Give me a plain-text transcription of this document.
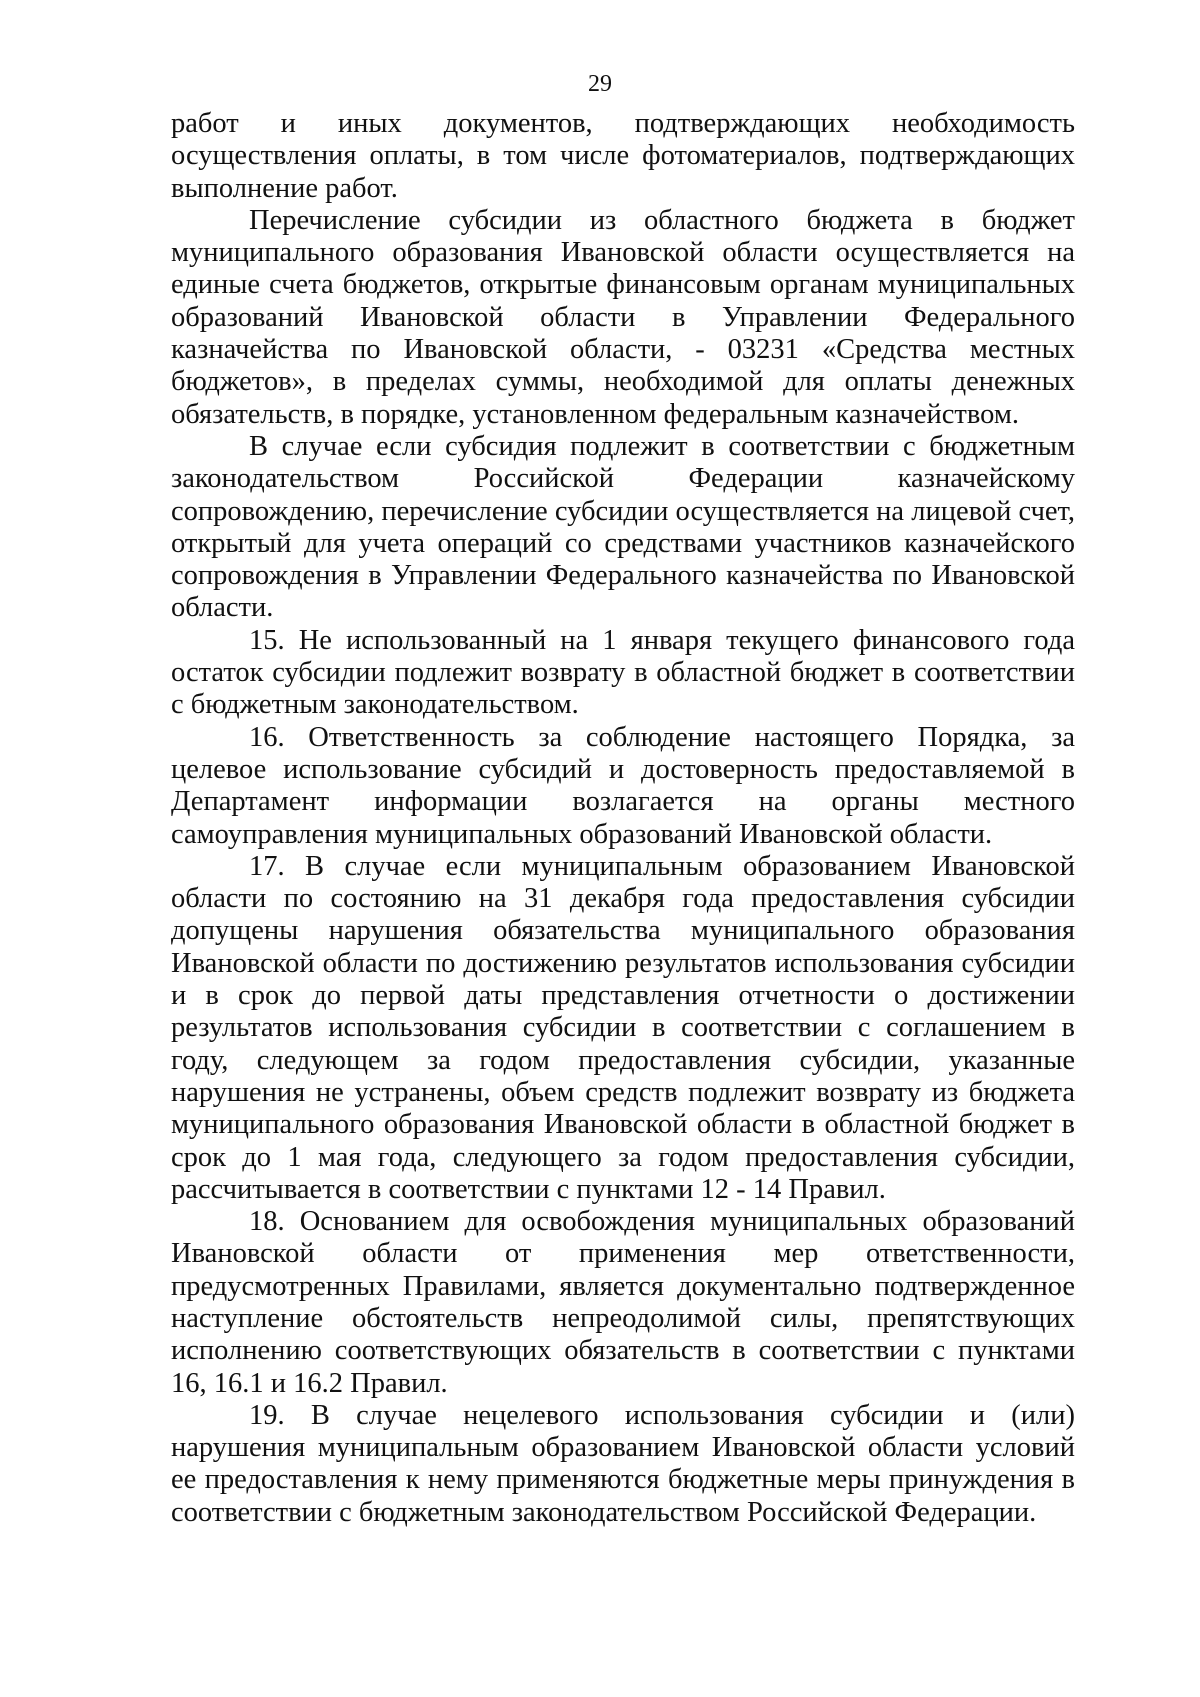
29

работ и иных документов, подтверждающих необходимость осуществления оплаты, в том числе фотоматериалов, подтверждающих выполнение работ.

Перечисление субсидии из областного бюджета в бюджет муниципального образования Ивановской области осуществляется на единые счета бюджетов, открытые финансовым органам муниципальных образований Ивановской области в Управлении Федерального казначейства по Ивановской области, - 03231 «Средства местных бюджетов», в пределах суммы, необходимой для оплаты денежных обязательств, в порядке, установленном федеральным казначейством.

В случае если субсидия подлежит в соответствии с бюджетным законодательством Российской Федерации казначейскому сопровождению, перечисление субсидии осуществляется на лицевой счет, открытый для учета операций со средствами участников казначейского сопровождения в Управлении Федерального казначейства по Ивановской области.

15. Не использованный на 1 января текущего финансового года остаток субсидии подлежит возврату в областной бюджет в соответствии с бюджетным законодательством.

16. Ответственность за соблюдение настоящего Порядка, за целевое использование субсидий и достоверность предоставляемой в Департамент информации возлагается на органы местного самоуправления муниципальных образований Ивановской области.

17. В случае если муниципальным образованием Ивановской области по состоянию на 31 декабря года предоставления субсидии допущены нарушения обязательства муниципального образования Ивановской области по достижению результатов использования субсидии и в срок до первой даты представления отчетности о достижении результатов использования субсидии в соответствии с соглашением в году, следующем за годом предоставления субсидии, указанные нарушения не устранены, объем средств подлежит возврату из бюджета муниципального образования Ивановской области в областной бюджет в срок до 1 мая года, следующего за годом предоставления субсидии, рассчитывается в соответствии с пунктами 12 - 14 Правил.

18. Основанием для освобождения муниципальных образований Ивановской области от применения мер ответственности, предусмотренных Правилами, является документально подтвержденное наступление обстоятельств непреодолимой силы, препятствующих исполнению соответствующих обязательств в соответствии с пунктами 16, 16.1 и 16.2 Правил.

19. В случае нецелевого использования субсидии и (или) нарушения муниципальным образованием Ивановской области условий ее предоставления к нему применяются бюджетные меры принуждения в соответствии с бюджетным законодательством Российской Федерации.
